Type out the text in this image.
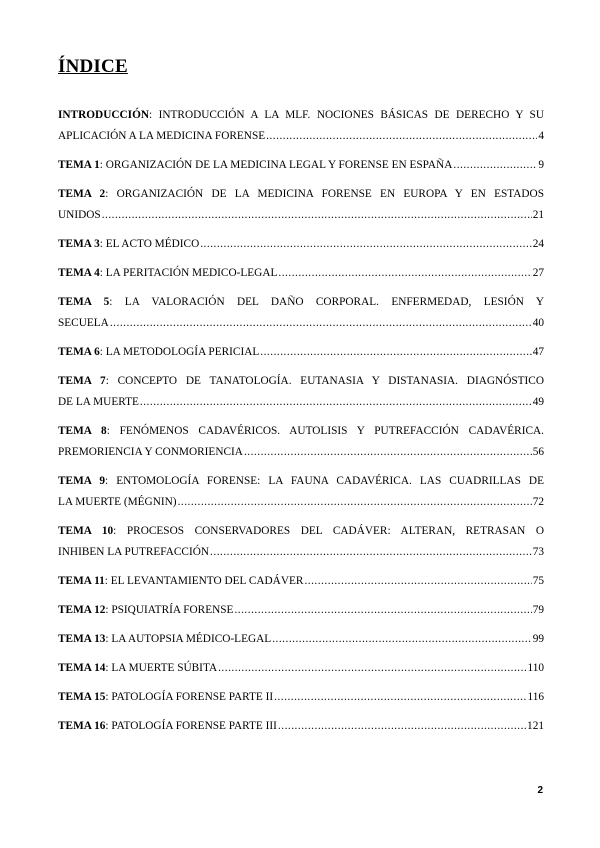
ÍNDICE
INTRODUCCIÓN: INTRODUCCIÓN A LA MLF. NOCIONES BÁSICAS DE DERECHO Y SU
APLICACIÓN A LA MEDICINA FORENSE .....	4
TEMA 1: ORGANIZACIÓN DE LA MEDICINA LEGAL Y FORENSE EN ESPAÑA .....	9
TEMA 2: ORGANIZACIÓN DE LA MEDICINA FORENSE EN EUROPA Y EN ESTADOS
UNIDOS .....	21
TEMA 3: EL ACTO MÉDICO .....	24
TEMA 4: LA PERITACIÓN MEDICO-LEGAL .....	27
TEMA 5: LA VALORACIÓN DEL DAÑO CORPORAL. ENFERMEDAD, LESIÓN Y
SECUELA .....	40
TEMA 6: LA METODOLOGÍA PERICIAL .....	47
TEMA 7: CONCEPTO DE TANATOLOGÍA. EUTANASIA Y DISTANASIA. DIAGNÓSTICO
DE LA MUERTE .....	49
TEMA 8: FENÓMENOS CADAVÉRICOS. AUTOLISIS Y PUTREFACCIÓN CADAVÉRICA.
PREMORIENCIA Y CONMORIENCIA .....	56
TEMA 9: ENTOMOLOGÍA FORENSE: LA FAUNA CADAVÉRICA. LAS CUADRILLAS DE
LA MUERTE (MÉGNIN) .....	72
TEMA 10: PROCESOS CONSERVADORES DEL CADÁVER: ALTERAN, RETRASAN O
INHIBEN LA PUTREFACCIÓN .....	73
TEMA 11: EL LEVANTAMIENTO DEL CADÁVER .....	75
TEMA 12: PSIQUIATRÍA FORENSE .....	79
TEMA 13: LA AUTOPSIA MÉDICO-LEGAL .....	99
TEMA 14: LA MUERTE SÚBITA .....	110
TEMA 15: PATOLOGÍA FORENSE PARTE II .....	116
TEMA 16: PATOLOGÍA FORENSE PARTE III .....	121
2
